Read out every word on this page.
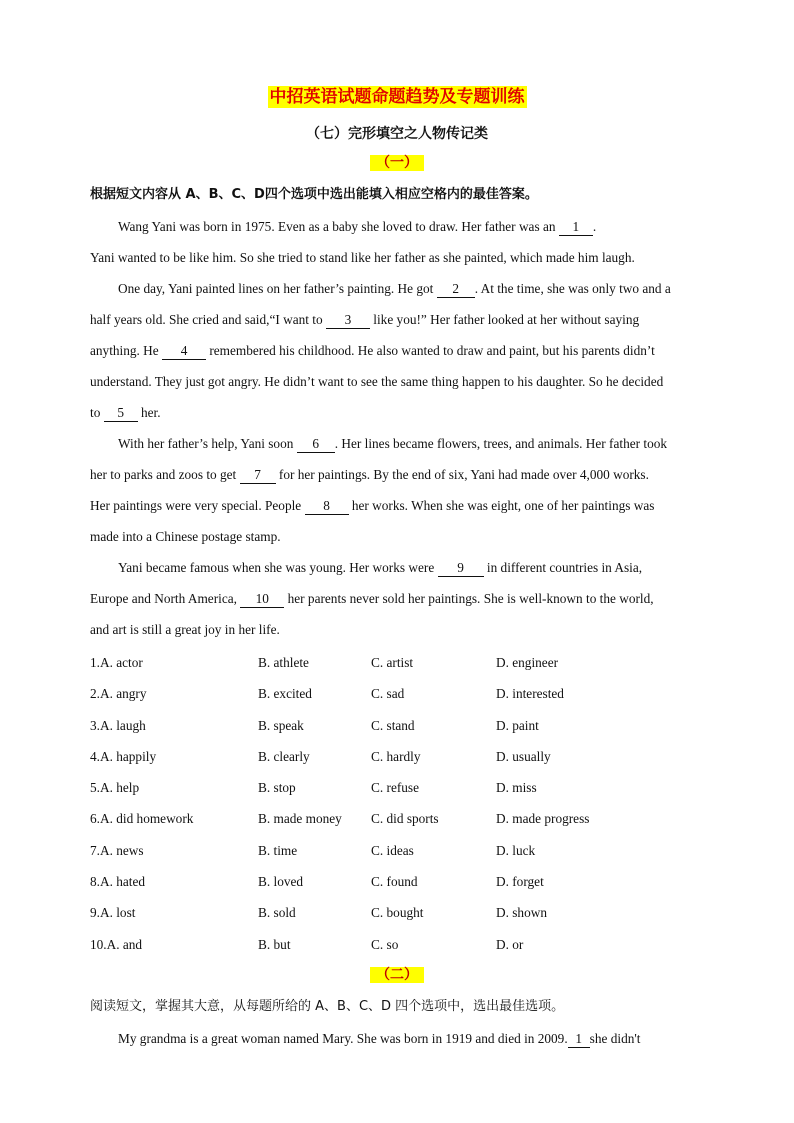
中招英语试题命题趋势及专题训练
（七）完形填空之人物传记类
（一）
根据短文内容从 A、B、C、D四个选项中选出能填入相应空格内的最佳答案。

Wang Yani was born in 1975. Even as a baby she loved to draw. Her father was an 1 .

Yani wanted to be like him. So she tried to stand like her father as she painted, which made him laugh.

One day, Yani painted lines on her father’s painting. He got 2 . At the time, she was only two and a

half years old. She cried and said,“I want to 3 like you!” Her father looked at her without saying

anything. He 4 remembered his childhood. He also wanted to draw and paint, but his parents didn’t

understand. They just got angry. He didn’t want to see the same thing happen to his daughter. So he decided

to 5 her.

With her father’s help, Yani soon 6 . Her lines became flowers, trees, and animals. Her father took

her to parks and zoos to get 7 for her paintings. By the end of six, Yani had made over 4,000 works.

Her paintings were very special. People 8 her works. When she was eight, one of her paintings was

made into a Chinese postage stamp.

Yani became famous when she was young. Her works were 9 in different countries in Asia,

Europe and North America, 10 her parents never sold her paintings. She is well-known to the world,

and art is still a great joy in her life.

1.A. actor	B. athlete	C. artist	D. engineer
2.A. angry	B. excited	C. sad	D. interested
3.A. laugh	B. speak	C. stand	D. paint
4.A. happily	B. clearly	C. hardly	D. usually
5.A. help	B. stop	C. refuse	D. miss
6.A. did homework	B. made money C. did sports	D. made progress
7.A. news	B. time	C. ideas	D. luck
8.A. hated	B. loved	C. found	D. forget
9.A. lost	B. sold	C. bought	D. shown
10.A. and	B. but	C. so	D. or
（二）
阅读短文，掌握其大意，从每题所给的 A、B、C、D 四个选项中，选出最佳选项。

My grandma is a great woman named Mary. She was born in 1919 and died in 2009. 1 she didn't
